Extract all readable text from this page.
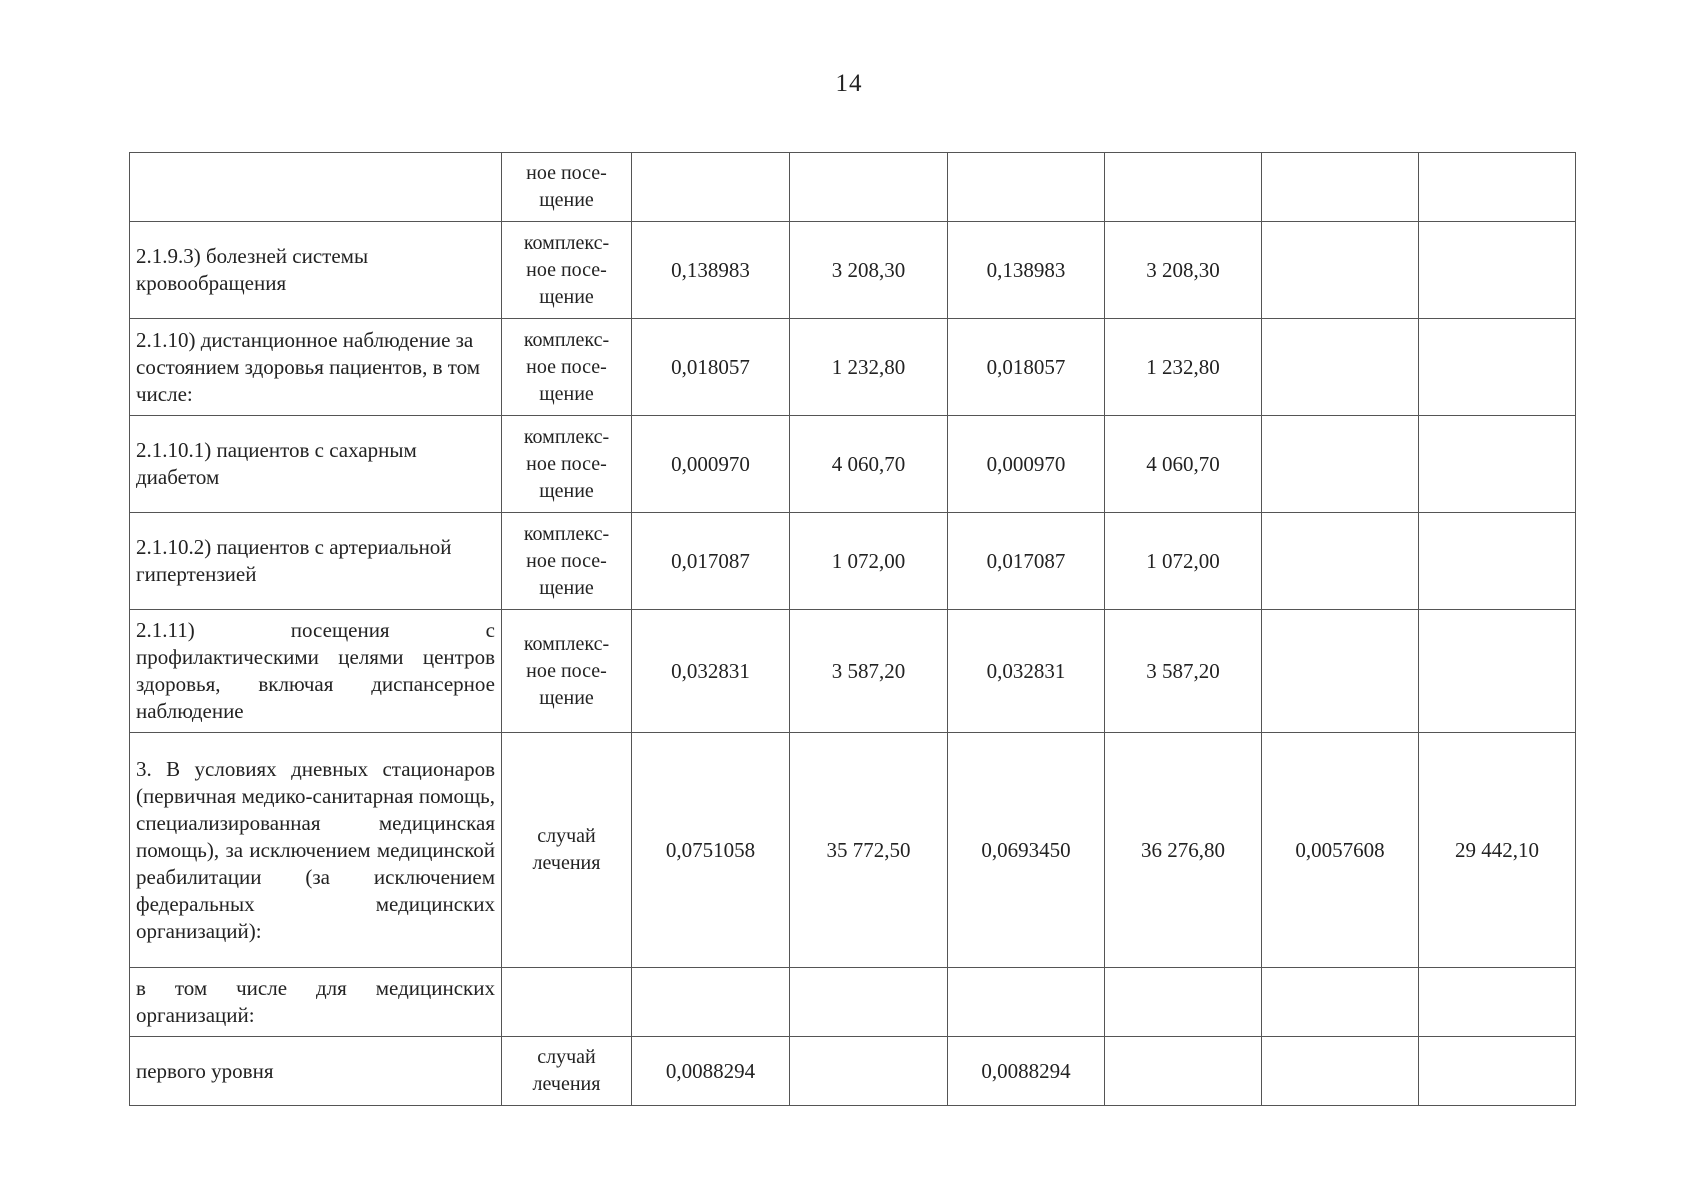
14
	ное посе-
щение						
2.1.9.3) болезней системы кровообращения	комплекс-
ное посе-
щение	0,138983	3 208,30	0,138983	3 208,30		
2.1.10) дистанционное наблюдение за состоянием здоровья пациентов, в том числе:	комплекс-
ное посе-
щение	0,018057	1 232,80	0,018057	1 232,80		
2.1.10.1) пациентов с сахарным диабетом	комплекс-
ное посе-
щение	0,000970	4 060,70	0,000970	4 060,70		
2.1.10.2) пациентов с артериальной гипертензией	комплекс-
ное посе-
щение	0,017087	1 072,00	0,017087	1 072,00		
2.1.11) посещения с профилактическими целями центров здоровья, включая диспансерное наблюдение	комплекс-
ное посе-
щение	0,032831	3 587,20	0,032831	3 587,20		
3. В условиях дневных стационаров (первичная медико-санитарная помощь, специализированная медицинская помощь), за исключением медицинской реабилитации (за исключением федеральных медицинских организаций):	случай
лечения	0,0751058	35 772,50	0,0693450	36 276,80	0,0057608	29 442,10
в том числе для медицинских организаций:							
первого уровня	случай
лечения	0,0088294		0,0088294			
